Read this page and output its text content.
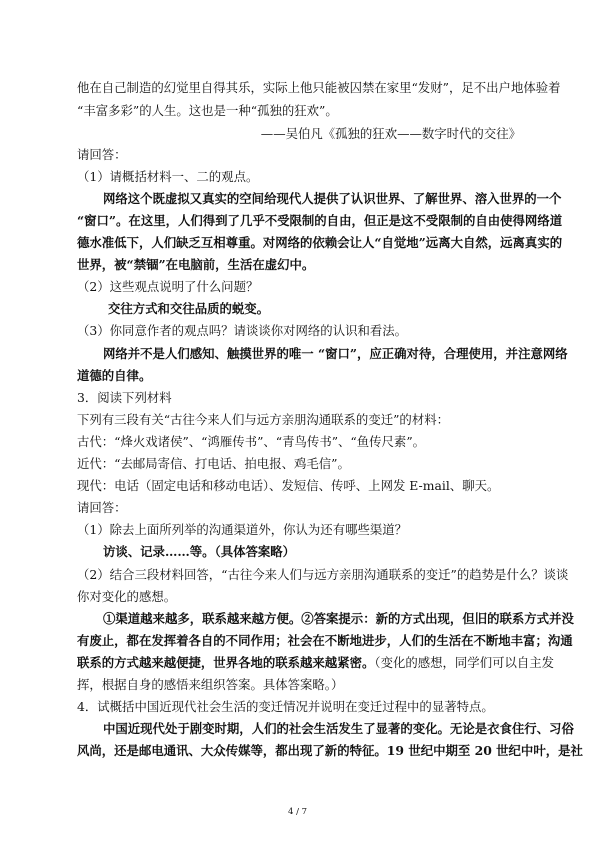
他在自己制造的幻觉里自得其乐，实际上他只能被囚禁在家里“发财”，足不出户地体验着
“丰富多彩”的人生。这也是一种“孤独的狂欢”。
——吴伯凡《孤独的狂欢——数字时代的交往》
请回答：
（1）请概括材料一、二的观点。
网络这个既虚拟又真实的空间给现代人提供了认识世界、了解世界、溶入世界的一个
“窗口”。在这里，人们得到了几乎不受限制的自由，但正是这不受限制的自由使得网络道
德水准低下，人们缺乏互相尊重。对网络的依赖会让人“自觉地”远离大自然，远离真实的
世界，被“禁锢”在电脑前，生活在虚幻中。
（2）这些观点说明了什么问题？
交往方式和交往品质的蜕变。
（3）你同意作者的观点吗？请谈谈你对网络的认识和看法。
网络并不是人们感知、触摸世界的唯一 “窗口”，应正确对待，合理使用，并注意网络
道德的自律。
3．阅读下列材料
下列有三段有关“古往今来人们与远方亲朋沟通联系的变迁”的材料：
古代：“烽火戏诸侯”、“鸿雁传书”、“青鸟传书”、“鱼传尺素”。
近代：“去邮局寄信、打电话、拍电报、鸡毛信”。
现代：电话（固定电话和移动电话）、发短信、传呼、上网发 E-mail、聊天。
请回答：
（1）除去上面所列举的沟通渠道外，你认为还有哪些渠道？
访谈、记录……等。（具体答案略）
（2）结合三段材料回答，“古往今来人们与远方亲朋沟通联系的变迁”的趋势是什么？谈谈
你对变化的感想。
①渠道越来越多，联系越来越方便。②答案提示：新的方式出现，但旧的联系方式并没
有废止，都在发挥着各自的不同作用；社会在不断地进步，人们的生活在不断地丰富；沟通
联系的方式越来越便捷，世界各地的联系越来越紧密。（变化的感想，同学们可以自主发
挥，根据自身的感悟来组织答案。具体答案略。）
4．试概括中国近现代社会生活的变迁情况并说明在变迁过程中的显著特点。
中国近现代处于剧变时期，人们的社会生活发生了显著的变化。无论是衣食住行、习俗
风尚，还是邮电通讯、大众传媒等，都出现了新的特征。19 世纪中期至 20 世纪中叶，是社
4 / 7
